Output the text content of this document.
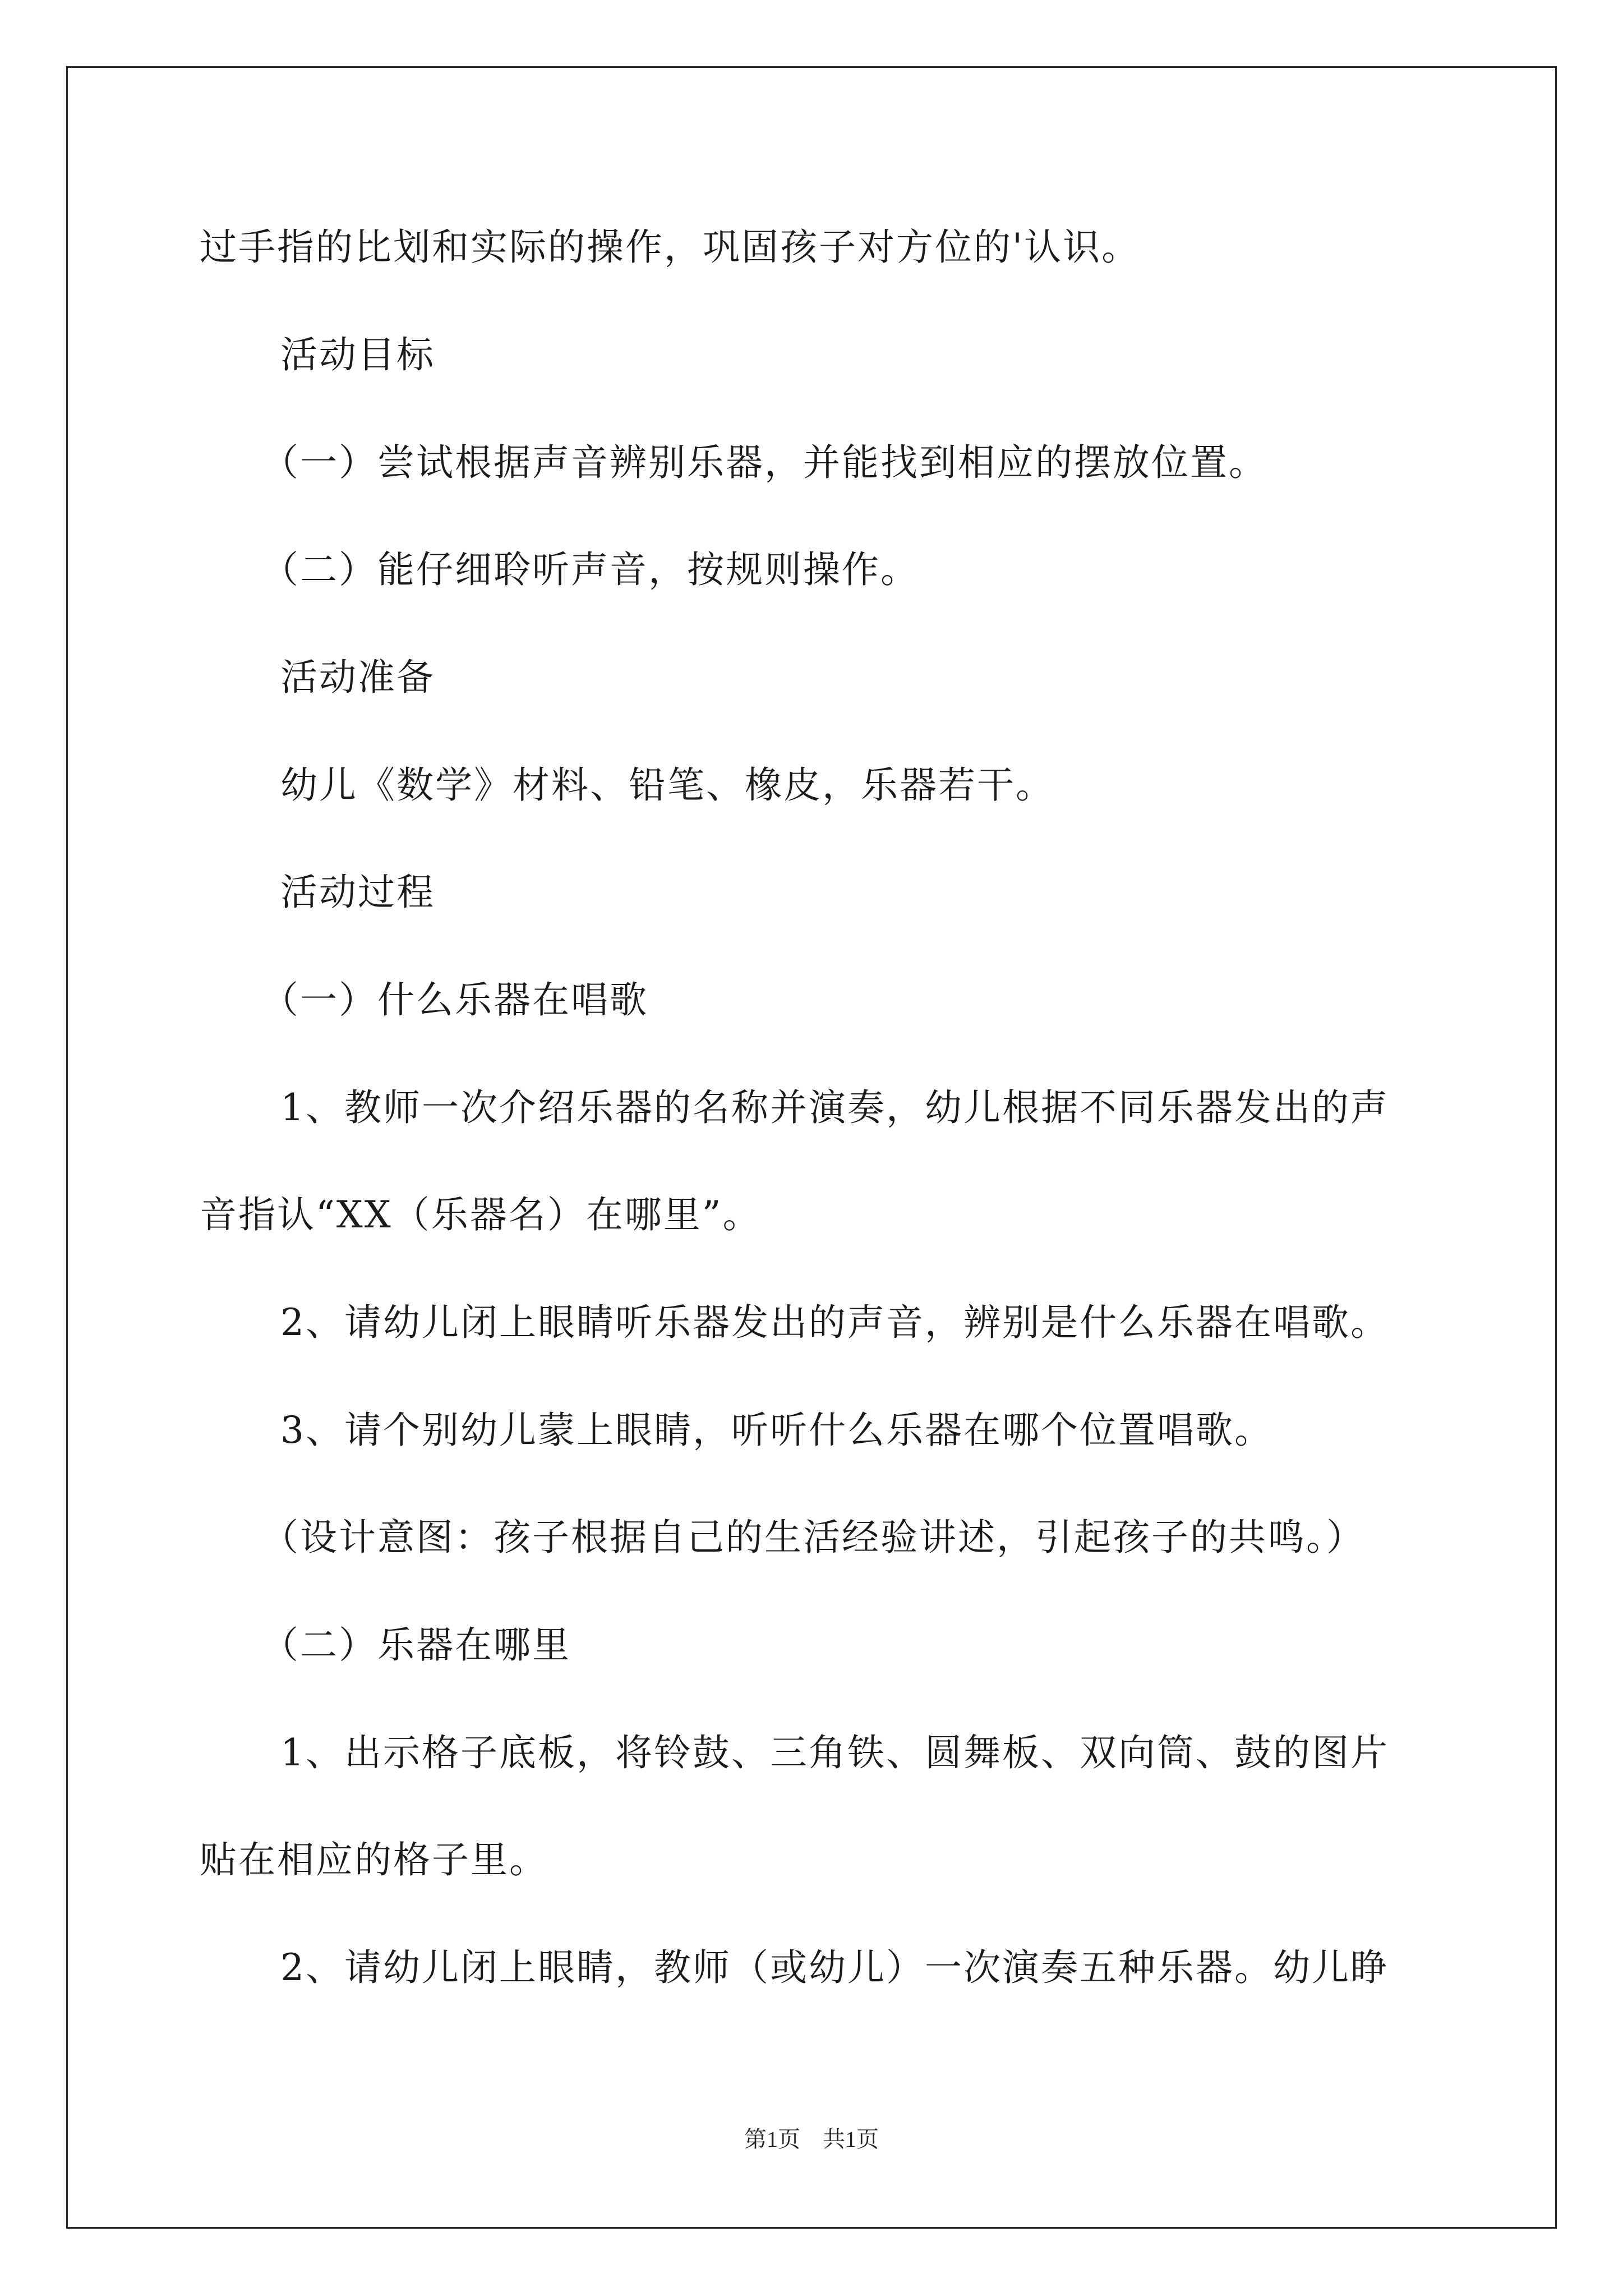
过手指的比划和实际的操作，巩固孩子对方位的'认识。
活动目标
（一）尝试根据声音辨别乐器，并能找到相应的摆放位置。
（二）能仔细聆听声音，按规则操作。
活动准备
幼儿《数学》材料、铅笔、橡皮，乐器若干。
活动过程
（一）什么乐器在唱歌
1、教师一次介绍乐器的名称并演奏，幼儿根据不同乐器发出的声
音指认“XX（乐器名）在哪里”。
2、请幼儿闭上眼睛听乐器发出的声音，辨别是什么乐器在唱歌。
3、请个别幼儿蒙上眼睛，听听什么乐器在哪个位置唱歌。
（设计意图：孩子根据自己的生活经验讲述，引起孩子的共鸣。）
（二）乐器在哪里
1、出示格子底板，将铃鼓、三角铁、圆舞板、双向筒、鼓的图片
贴在相应的格子里。
2、请幼儿闭上眼睛，教师（或幼儿）一次演奏五种乐器。幼儿睁
第1页　共1页
